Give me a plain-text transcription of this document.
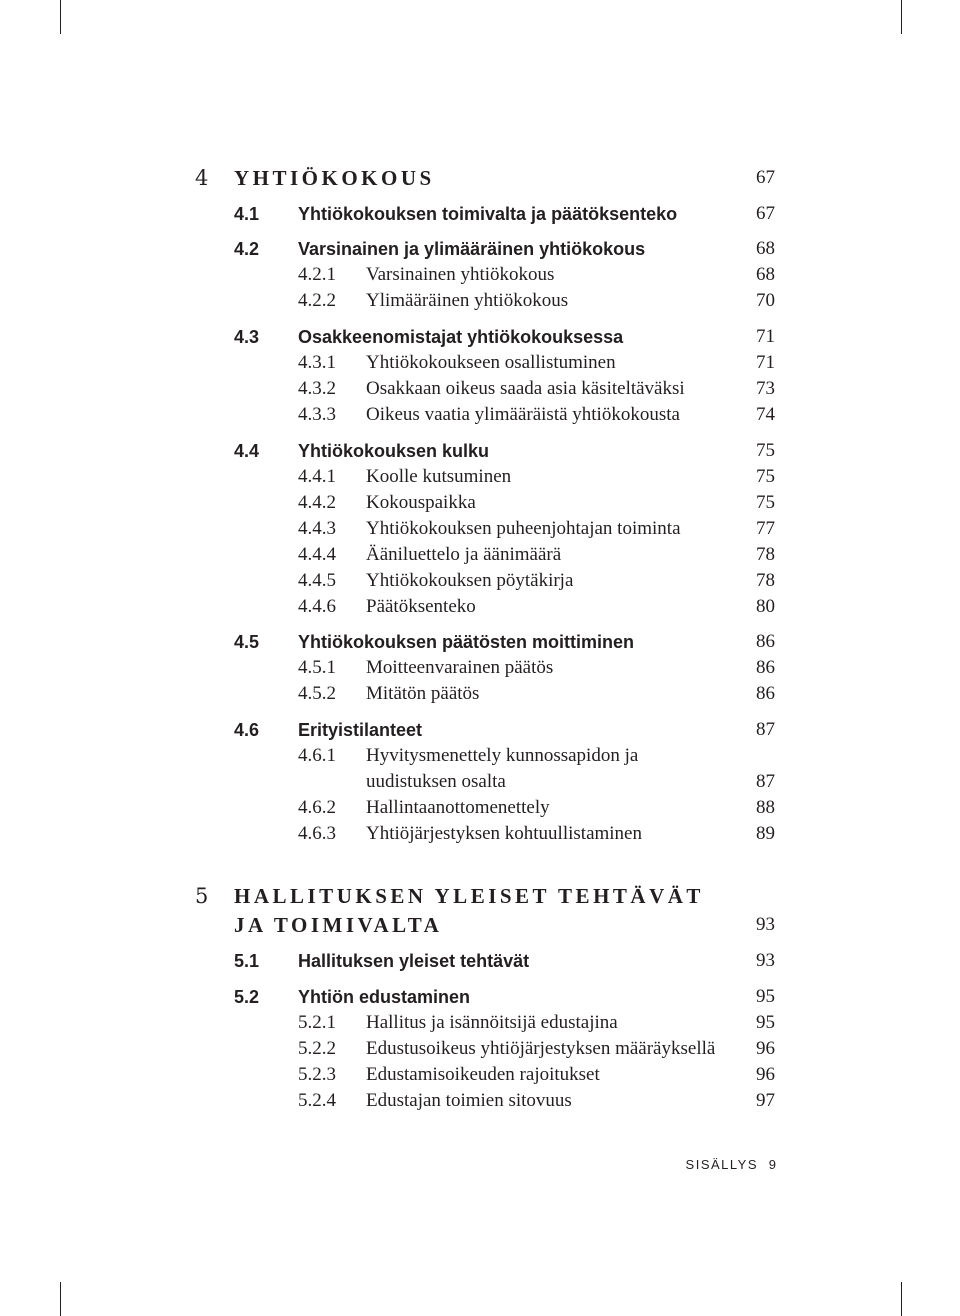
4 YHTIÖKOKOUS	67
4.1 Yhtiökokouksen toimivalta ja päätöksenteko	67
4.2 Varsinainen ja ylimääräinen yhtiökokous	68
4.2.1 Varsinainen yhtiökokous	68
4.2.2 Ylimääräinen yhtiökokous	70
4.3 Osakkeenomistajat yhtiökokouksessa	71
4.3.1 Yhtiökokoukseen osallistuminen	71
4.3.2 Osakkaan oikeus saada asia käsiteltäväksi	73
4.3.3 Oikeus vaatia ylimääräistä yhtiökokousta	74
4.4 Yhtiökokouksen kulku	75
4.4.1 Koolle kutsuminen	75
4.4.2 Kokouspaikka	75
4.4.3 Yhtiökokouksen puheenjohtajan toiminta	77
4.4.4 Ääniluettelo ja äänimäärä	78
4.4.5 Yhtiökokouksen pöytäkirja	78
4.4.6 Päätöksenteko	80
4.5 Yhtiökokouksen päätösten moittiminen	86
4.5.1 Moitteenvarainen päätös	86
4.5.2 Mitätön päätös	86
4.6 Erityistilanteet	87
4.6.1 Hyvitysmenettely kunnossapidon ja
uudistuksen osalta	87
4.6.2 Hallintaanottomenettely	88
4.6.3 Yhtiöjärjestyksen kohtuullistaminen	89
5 HALLITUKSEN YLEISET TEHTÄVÄT
JA TOIMIVALTA	93
5.1 Hallituksen yleiset tehtävät	93
5.2 Yhtiön edustaminen	95
5.2.1 Hallitus ja isännöitsijä edustajina	95
5.2.2 Edustusoikeus yhtiöjärjestyksen määräyksellä 96
5.2.3 Edustamisoikeuden rajoitukset	96
5.2.4 Edustajan toimien sitovuus	97
SISÄLLYS 9
